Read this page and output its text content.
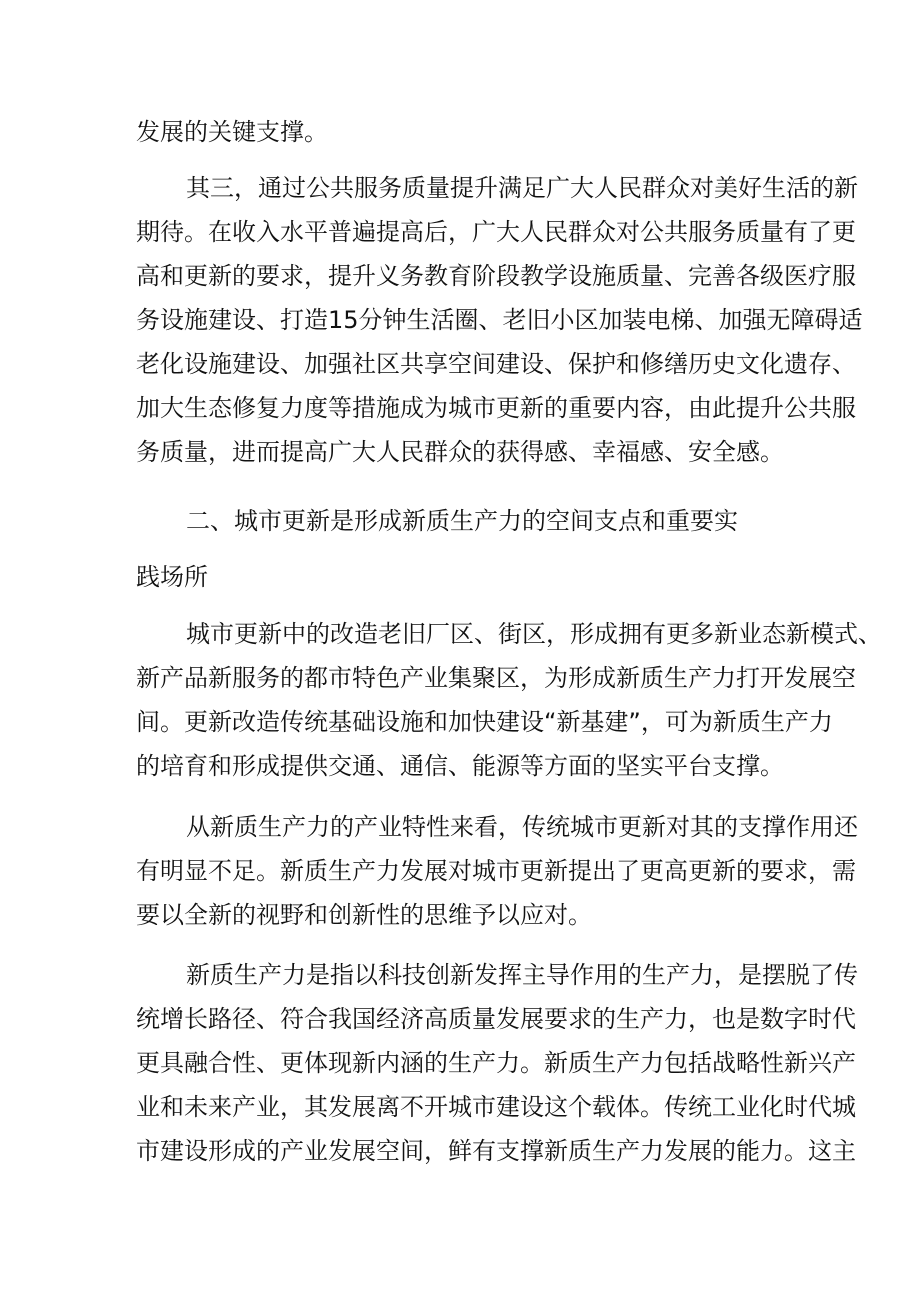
发展的关键支撑。
其三，通过公共服务质量提升满足广大人民群众对美好生活的新
期待。在收入水平普遍提高后，广大人民群众对公共服务质量有了更
高和更新的要求，提升义务教育阶段教学设施质量、完善各级医疗服
务设施建设、打造15分钟生活圈、老旧小区加装电梯、加强无障碍适
老化设施建设、加强社区共享空间建设、保护和修缮历史文化遗存、
加大生态修复力度等措施成为城市更新的重要内容，由此提升公共服
务质量，进而提高广大人民群众的获得感、幸福感、安全感。
二、城市更新是形成新质生产力的空间支点和重要实
践场所
城市更新中的改造老旧厂区、街区，形成拥有更多新业态新模式、
新产品新服务的都市特色产业集聚区，为形成新质生产力打开发展空
间。更新改造传统基础设施和加快建设“新基建”，可为新质生产力
的培育和形成提供交通、通信、能源等方面的坚实平台支撑。
从新质生产力的产业特性来看，传统城市更新对其的支撑作用还
有明显不足。新质生产力发展对城市更新提出了更高更新的要求，需
要以全新的视野和创新性的思维予以应对。
新质生产力是指以科技创新发挥主导作用的生产力，是摆脱了传
统增长路径、符合我国经济高质量发展要求的生产力，也是数字时代
更具融合性、更体现新内涵的生产力。新质生产力包括战略性新兴产
业和未来产业，其发展离不开城市建设这个载体。传统工业化时代城
市建设形成的产业发展空间，鲜有支撑新质生产力发展的能力。这主
